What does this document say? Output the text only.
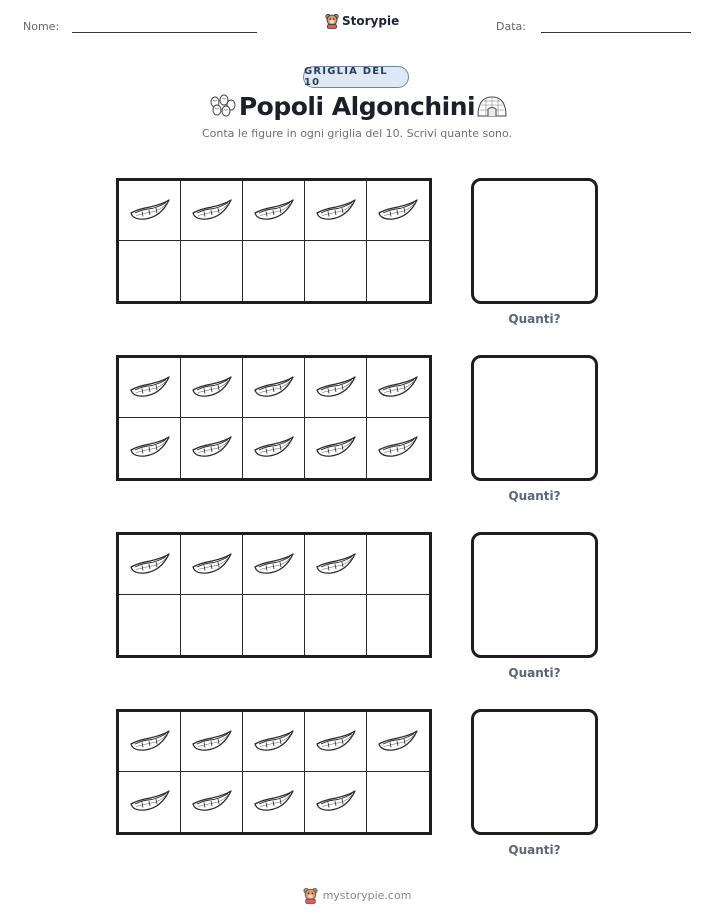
Nome:	Storypie	Data:
GRIGLIA DEL 10
Popoli Algonchini
Conta le figure in ogni griglia del 10. Scrivi quante sono.
Quanti?
Quanti?
Quanti?
Quanti?
mystorypie.com
